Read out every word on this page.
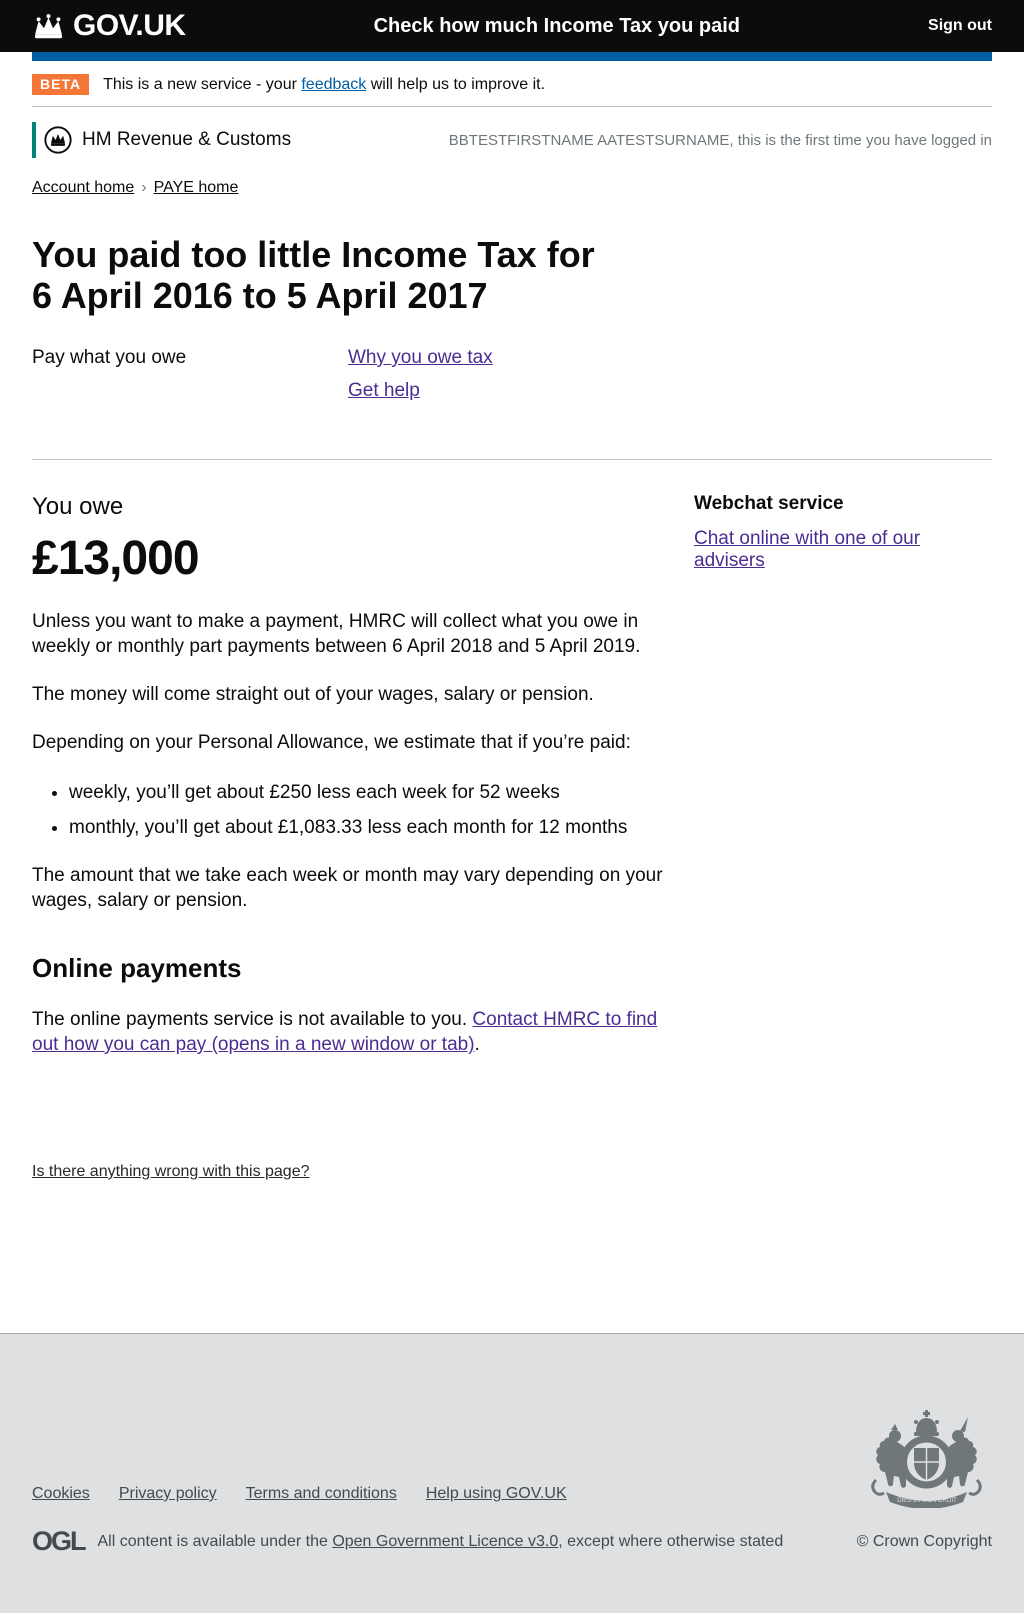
GOV.UK	Check how much Income Tax you paid	Sign out
BETA	This is a new service - your feedback will help us to improve it.
HM Revenue & Customs	BBTESTFIRSTNAME AATESTSURNAME, this is the first time you have logged in
Account home › PAYE home
You paid too little Income Tax for
6 April 2016 to 5 April 2017
Pay what you owe	Why you owe tax
Get help

You owe

£13,000

Unless you want to make a payment, HMRC will collect what you owe in weekly or monthly part payments between 6 April 2018 and 5 April 2019.

The money will come straight out of your wages, salary or pension.

Depending on your Personal Allowance, we estimate that if you’re paid:

• weekly, you’ll get about £250 less each week for 52 weeks
• monthly, you’ll get about £1,083.33 less each month for 12 months

The amount that we take each week or month may vary depending on your wages, salary or pension.

Online payments

The online payments service is not available to you. Contact HMRC to find out how you can pay (opens in a new window or tab).

Is there anything wrong with this page?
Webchat service
Chat online with one of our advisers
DIEU ET MON DROIT
Cookies Privacy policy Terms and conditions Help using GOV.UK
OGL All content is available under the Open Government Licence v3.0, except where otherwise stated	© Crown Copyright
